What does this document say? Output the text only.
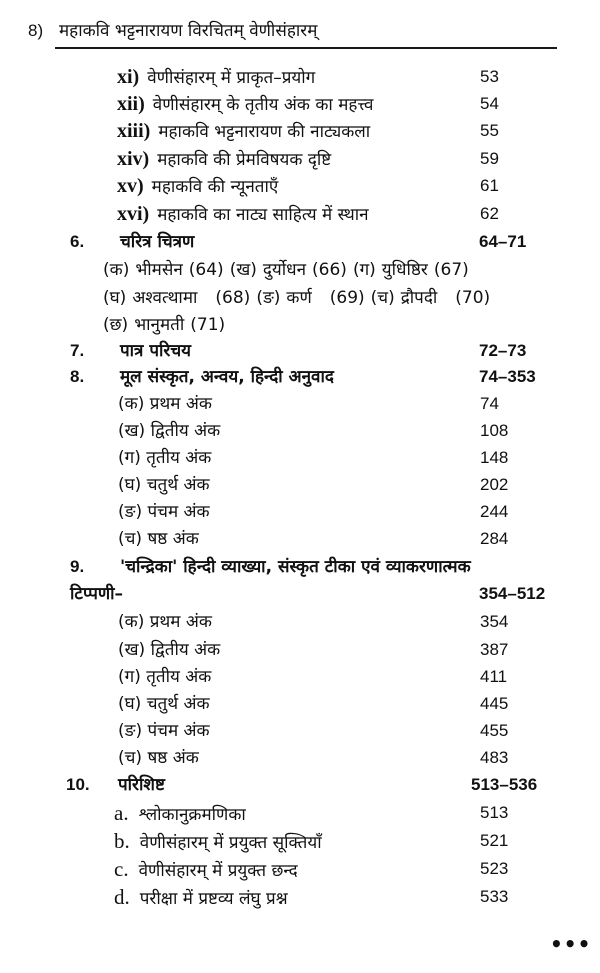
8) महाकवि भट्टनारायण विरचितम् वेणीसंहारम्
xi) वेणीसंहारम् में प्राकृत–प्रयोग	53
xii) वेणीसंहारम् के तृतीय अंक का महत्त्व	54
xiii) महाकवि भट्टनारायण की नाट्यकला	55
xiv) महाकवि की प्रेमविषयक दृष्टि	59
xv) महाकवि की न्यूनताएँ	61
xvi) महाकवि का नाट्य साहित्य में स्थान	62
6. चरित्र चित्रण	64–71
(क) भीमसेन (64) (ख) दुर्योधन (66) (ग) युधिष्ठिर (67)
(घ) अश्वत्थामा (68) (ङ) कर्ण (69) (च) द्रौपदी (70)
(छ) भानुमती (71)
7. पात्र परिचय	72–73
8. मूल संस्कृत, अन्वय, हिन्दी अनुवाद	74–353
(क) प्रथम अंक	74
(ख) द्वितीय अंक	108
(ग) तृतीय अंक	148
(घ) चतुर्थ अंक	202
(ङ) पंचम अंक	244
(च) षष्ठ अंक	284
9. 'चन्द्रिका' हिन्दी व्याख्या, संस्कृत टीका एवं व्याकरणात्मक
टिप्पणी–	354–512
(क) प्रथम अंक	354
(ख) द्वितीय अंक	387
(ग) तृतीय अंक	411
(घ) चतुर्थ अंक	445
(ङ) पंचम अंक	455
(च) षष्ठ अंक	483
10. परिशिष्ट	513–536
a. श्लोकानुक्रमणिका	513
b. वेणीसंहारम् में प्रयुक्त सूक्तियाँ	521
c. वेणीसंहारम् में प्रयुक्त छन्द	523
d. परीक्षा में प्रष्टव्य लंघु प्रश्न	533
•••
